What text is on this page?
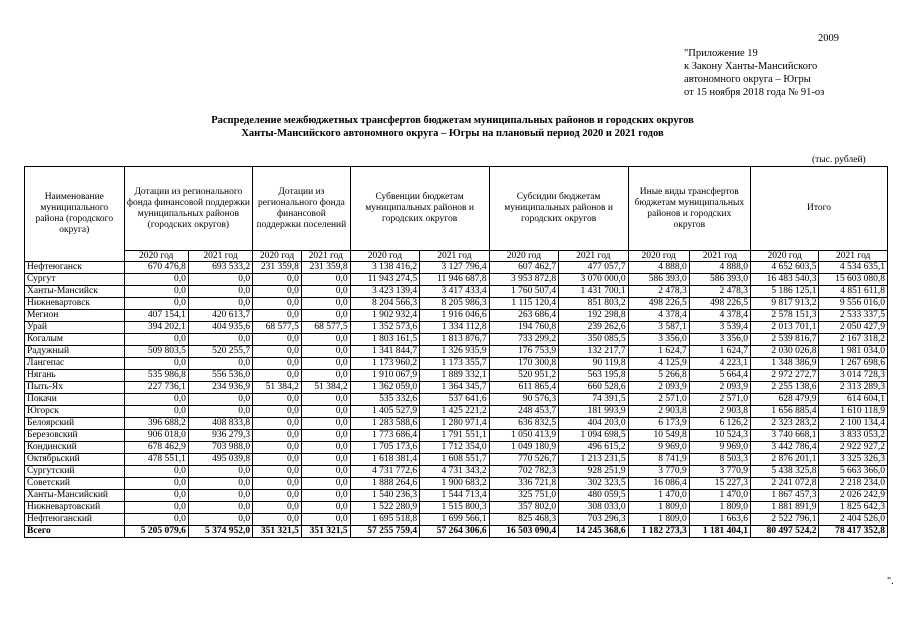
2009
"Приложение 19
к Закону Ханты-Мансийского
автономного округа – Югры
от 15 ноября 2018 года № 91-оз
Распределение межбюджетных трансфертов бюджетам муниципальных районов и городских округов
Ханты-Мансийского автономного округа – Югры на плановый период 2020 и 2021 годов
(тыс. рублей)
Наименование муниципального района (городского округа)	Дотации из регионального фонда финансовой поддержки муниципальных районов (городских округов)		Дотации из регионального фонда финансовой поддержки поселений		Субвенции бюджетам муниципальных районов и городских округов		Субсидии бюджетам муниципальных районов и городских округов		Иные виды трансфертов бюджетам муниципальных районов и городских округов		Итого	
	2020 год	2021 год	2020 год	2021 год	2020 год	2021 год	2020 год	2021 год	2020 год	2021 год	2020 год	2021 год
Нефтеюганск	670 476,8	693 533,2	231 359,8	231 359,8	3 138 416,2	3 127 796,4	607 462,7	477 057,7	4 888,0	4 888,0	4 652 603,5	4 534 635,1
Сургут	0,0	0,0	0,0	0,0	11 943 274,5	11 946 687,8	3 953 872,8	3 070 000,0	586 393,0	586 393,0	16 483 540,3	15 603 080,8
Ханты-Мансийск	0,0	0,0	0,0	0,0	3 423 139,4	3 417 433,4	1 760 507,4	1 431 700,1	2 478,3	2 478,3	5 186 125,1	4 851 611,8
Нижневартовск	0,0	0,0	0,0	0,0	8 204 566,3	8 205 986,3	1 115 120,4	851 803,2	498 226,5	498 226,5	9 817 913,2	9 556 016,0
Мегион	407 154,1	420 613,7	0,0	0,0	1 902 932,4	1 916 046,6	263 686,4	192 298,8	4 378,4	4 378,4	2 578 151,3	2 533 337,5
Урай	394 202,1	404 935,6	68 577,5	68 577,5	1 352 573,6	1 334 112,8	194 760,8	239 262,6	3 587,1	3 539,4	2 013 701,1	2 050 427,9
Когалым	0,0	0,0	0,0	0,0	1 803 161,5	1 813 876,7	733 299,2	350 085,5	3 356,0	3 356,0	2 539 816,7	2 167 318,2
Радужный	509 803,5	520 255,7	0,0	0,0	1 341 844,7	1 326 935,9	176 753,9	132 217,7	1 624,7	1 624,7	2 030 026,8	1 981 034,0
Лангепас	0,0	0,0	0,0	0,0	1 173 960,2	1 173 355,7	170 300,8	90 119,8	4 125,9	4 223,1	1 348 386,9	1 267 698,6
Нягань	535 986,8	556 536,0	0,0	0,0	1 910 067,9	1 889 332,1	520 951,2	563 195,8	5 266,8	5 664,4	2 972 272,7	3 014 728,3
Пыть-Ях	227 736,1	234 936,9	51 384,2	51 384,2	1 362 059,0	1 364 345,7	611 865,4	660 528,6	2 093,9	2 093,9	2 255 138,6	2 313 289,3
Покачи	0,0	0,0	0,0	0,0	535 332,6	537 641,6	90 576,3	74 391,5	2 571,0	2 571,0	628 479,9	614 604,1
Югорск	0,0	0,0	0,0	0,0	1 405 527,9	1 425 221,2	248 453,7	181 993,9	2 903,8	2 903,8	1 656 885,4	1 610 118,9
Белоярский	396 688,2	408 833,8	0,0	0,0	1 283 588,6	1 280 971,4	636 832,5	404 203,0	6 173,9	6 126,2	2 323 283,2	2 100 134,4
Березовский	906 018,0	936 279,3	0,0	0,0	1 773 686,4	1 791 551,1	1 050 413,9	1 094 698,5	10 549,8	10 524,3	3 740 668,1	3 833 053,2
Кондинский	678 462,9	703 988,0	0,0	0,0	1 705 173,6	1 712 354,0	1 049 180,9	496 615,2	9 969,0	9 969,0	3 442 786,4	2 922 927,2
Октябрьский	478 551,1	495 039,8	0,0	0,0	1 618 381,4	1 608 551,7	770 526,7	1 213 231,5	8 741,9	8 503,3	2 876 201,1	3 325 326,3
Сургутский	0,0	0,0	0,0	0,0	4 731 772,6	4 731 343,2	702 782,3	928 251,9	3 770,9	3 770,9	5 438 325,8	5 663 366,0
Советский	0,0	0,0	0,0	0,0	1 888 264,6	1 900 683,2	336 721,8	302 323,5	16 086,4	15 227,3	2 241 072,8	2 218 234,0
Ханты-Мансийский	0,0	0,0	0,0	0,0	1 540 236,3	1 544 713,4	325 751,0	480 059,5	1 470,0	1 470,0	1 867 457,3	2 026 242,9
Нижневартовский	0,0	0,0	0,0	0,0	1 522 280,9	1 515 800,3	357 802,0	308 033,0	1 809,0	1 809,0	1 881 891,9	1 825 642,3
Нефтеюганский	0,0	0,0	0,0	0,0	1 695 518,8	1 699 566,1	825 468,3	703 296,3	1 809,0	1 663,6	2 522 796,1	2 404 526,0
Всего	5 205 079,6	5 374 952,0	351 321,5	351 321,5	57 255 759,4	57 264 306,6	16 503 090,4	14 245 368,6	1 182 273,3	1 181 404,1	80 497 524,2	78 417 352,8
".
